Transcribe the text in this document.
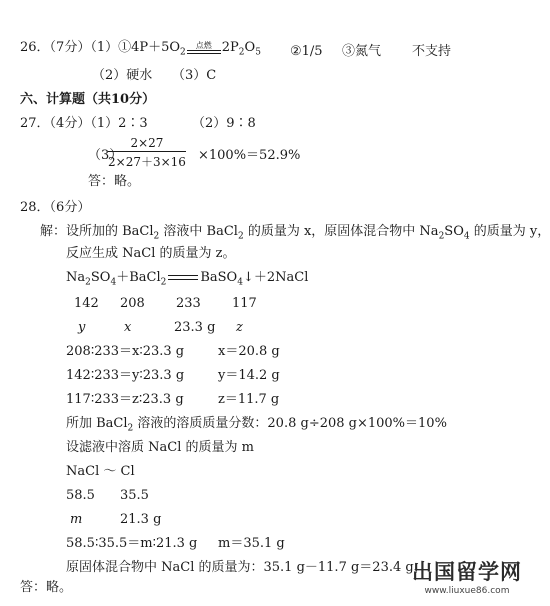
26．（7分）$(1)①4P+5O_2$
点燃 $2P_2O_5$ ②1/5 ③氮气 不支持
（2）硬水 （3）C
六、计算题（共10分）
27．（4分）（1）2∶3	（2）9∶8
（3）
$\frac{2\times 27}{2\times 27+3\times 16} \times 100\%=52.9\%$
答：略。
28．（6分）
解：设所加的 BaCl$_2$ 溶液中 BaCl$_2$ 的质量为 x，原固体混合物中 $Na_2SO_4$ 的质量为 y，
反应生成 NaCl 的质量为 z。
$Na_2SO_4+BaCl_2$	BaSO$_4$↓＋2NaCl
142 208 233 117
y	x	23.3 g z
208∶233＝x∶23.3 g	x＝20.8 g
142∶233＝y∶23.3 g	y＝14.2 g
117∶233＝z∶23.3 g	z＝11.7 g
所加 BaCl$_2$ 溶液的溶质质量分数：20.8 g÷208 g×100%＝10%
设滤液中溶质 NaCl 的质量为 m
NaCl ～ Cl
58.5 35.5
m	21.3 g
58.5∶35.5＝m∶21.3 g m＝35.1 g
原固体混合物中 NaCl 的质量为：35.1 g－11.7 g＝23.4 g
答：略。
出国留学网
www.liuxue86.com
